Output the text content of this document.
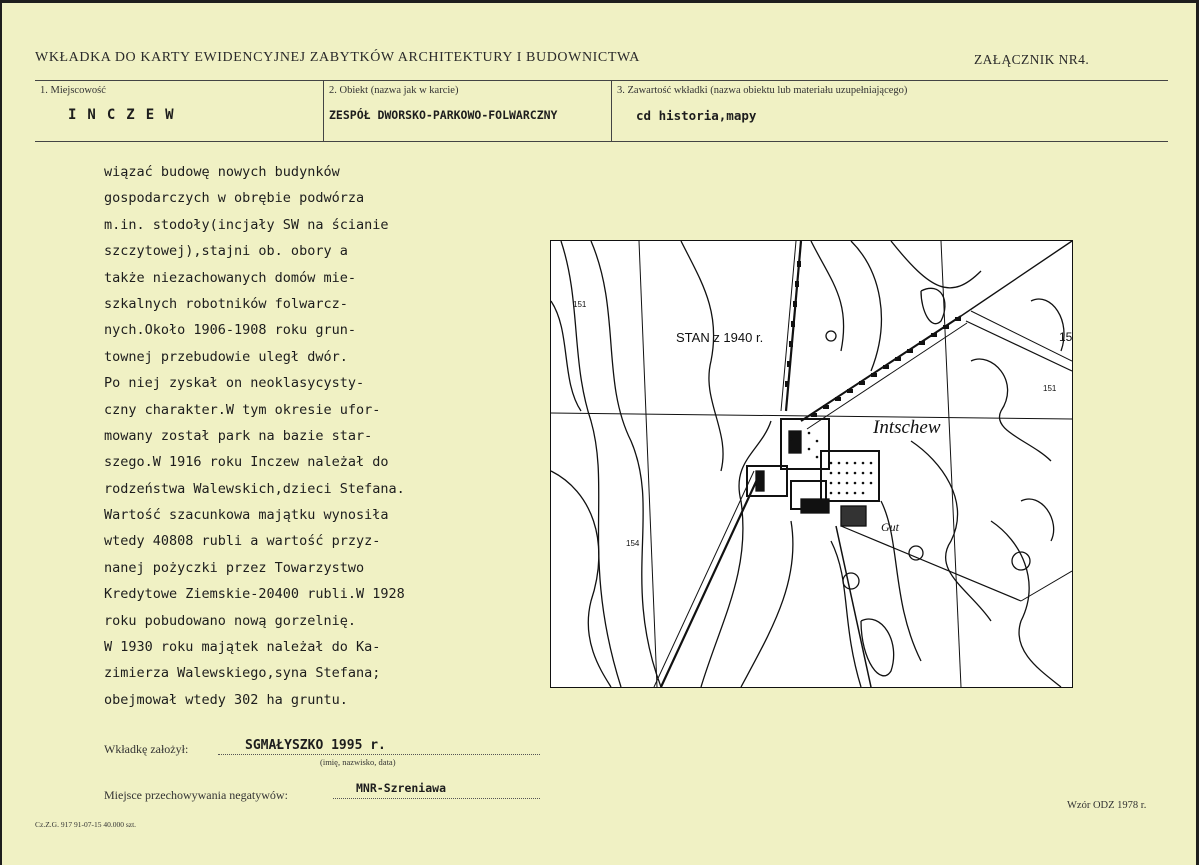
WKŁADKA DO KARTY EWIDENCYJNEJ ZABYTKÓW ARCHITEKTURY I BUDOWNICTWA	ZAŁĄCZNIK NR4.
1. Miejscowość
INCZEW
2. Obiekt (nazwa jak w karcie)
ZESPÓŁ DWORSKO-PARKOWO-FOLWARCZNY
3. Zawartość wkładki (nazwa obiektu lub materiału uzupełniającego)
cd historia,mapy
wiązać budowę nowych budynków
gospodarczych w obrębie podwórza
m.in. stodoły(incjały SW na ścianie
szczytowej),stajni ob. obory a
także niezachowanych domów mie-
szkalnych robotników folwarcz-
nych.Około 1906-1908 roku grun-
townej przebudowie uległ dwór.
Po niej zyskał on neoklasycysty-
czny charakter.W tym okresie ufor-
mowany został park na bazie star-
szego.W 1916 roku Inczew należał do
rodzeństwa Walewskich,dzieci Stefana.
Wartość szacunkowa majątku wynosiła
wtedy 40808 rubli a wartość przyz-
nanej pożyczki przez Towarzystwo
Kredytowe Ziemskie-20400 rubli.W 1928
roku pobudowano nową gorzelnię.
W 1930 roku majątek należał do Ka-
zimierza Walewskiego,syna Stefana;
obejmował wtedy 302 ha gruntu.
STAN z 1940 r.
Intschew
Gut
151
15
154
151
Wkładkę założył:	SGMAŁYSZKO 1995 r.
(imię, nazwisko, data)
Miejsce przechowywania negatywów:	MNR-Szreniawa
Wzór ODZ 1978 r.
Cz.Z.G. 917 91-07-15 40.000 szt.
